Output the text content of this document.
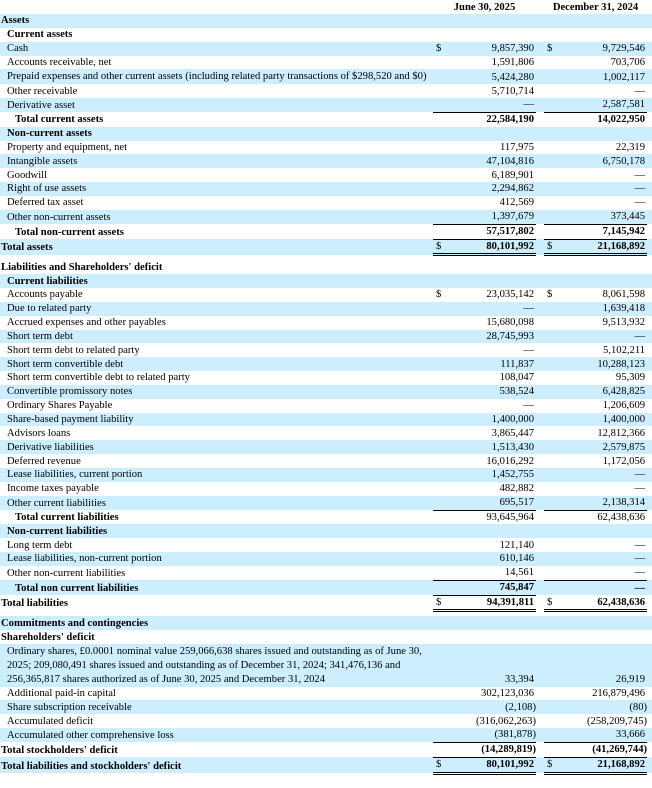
	June 30, 2025			December 31, 2024		
Assets						
Current assets						
Cash	$	9,857,390		$	9,729,546	
Accounts receivable, net		1,591,806			703,706	
Prepaid expenses and other current assets (including related party transactions of $298,520 and $0)		5,424,280			1,002,117	
Other receivable		5,710,714			—	
Derivative asset		—			2,587,581	
Total current assets		22,584,190			14,022,950	
Non-current assets						
Property and equipment, net		117,975			22,319	
Intangible assets		47,104,816			6,750,178	
Goodwill		6,189,901			—	
Right of use assets		2,294,862			—	
Deferred tax asset		412,569			—	
Other non-current assets		1,397,679			373,445	
Total non-current assets		57,517,802			7,145,942	
Total assets	$	80,101,992		$	21,168,892	

Liabilities and Shareholders' deficit						
Current liabilities						
Accounts payable	$	23,035,142		$	8,061,598	
Due to related party		—			1,639,418	
Accrued expenses and other payables		15,680,098			9,513,932	
Short term debt		28,745,993			—	
Short term debt to related party		—			5,102,211	
Short term convertible debt		111,837			10,288,123	
Short term convertible debt to related party		108,047			95,309	
Convertible promissory notes		538,524			6,428,825	
Ordinary Shares Payable		—			1,206,609	
Share-based payment liability		1,400,000			1,400,000	
Advisors loans		3,865,447			12,812,366	
Derivative liabilities		1,513,430			2,579,875	
Deferred revenue		16,016,292			1,172,056	
Lease liabilities, current portion		1,452,755			—	
Income taxes payable		482,882			—	
Other current liabilities		695,517			2,138,314	
Total current liabilities		93,645,964			62,438,636	
Non-current liabilities						
Long term debt		121,140			—	
Lease liabilities, non-current portion		610,146			—	
Other non-current liabilities		14,561			—	
Total non current liabilities		745,847			—	
Total liabilities	$	94,391,811		$	62,438,636	

Commitments and contingencies						
Shareholders' deficit						
Ordinary shares, £0.0001 nominal value 259,066,638 shares issued and outstanding as of June 30, 2025; 209,080,491 shares issued and outstanding as of December 31, 2024; 341,476,136 and 256,365,817 shares authorized as of June 30, 2025 and December 31, 2024		33,394			26,919	
Additional paid-in capital		302,123,036			216,879,496	
Share subscription receivable		(2,108)			(80)	
Accumulated deficit		(316,062,263)			(258,209,745)	
Accumulated other comprehensive loss		(381,878)			33,666	
Total stockholders' deficit		(14,289,819)			(41,269,744)	
Total liabilities and stockholders' deficit	$	80,101,992		$	21,168,892	
